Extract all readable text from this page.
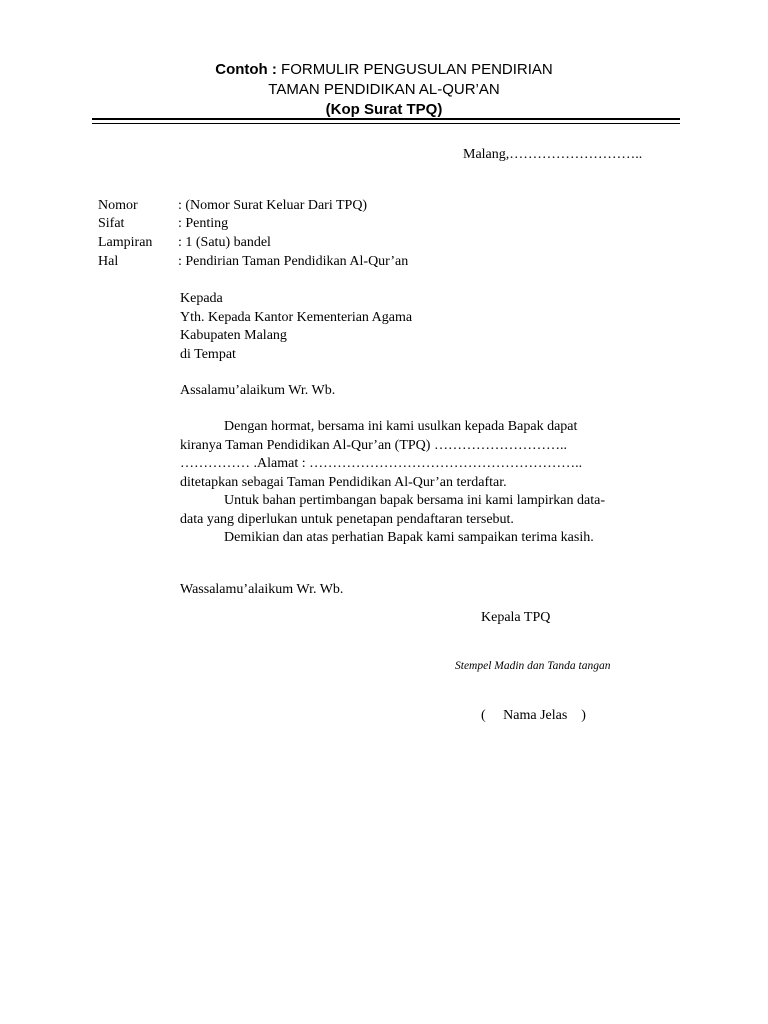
Contoh : FORMULIR PENGUSULAN PENDIRIAN
TAMAN PENDIDIKAN AL-QUR’AN
(Kop Surat TPQ)
Malang,………………………..
Nomor	: (Nomor Surat Keluar Dari TPQ)
Sifat	: Penting
Lampiran : 1 (Satu) bandel
Hal	: Pendirian Taman Pendidikan Al-Qur’an
Kepada
Yth. Kepada Kantor Kementerian Agama
Kabupaten Malang
di Tempat
Assalamu’alaikum Wr. Wb.
Dengan hormat, bersama ini kami usulkan kepada Bapak dapat
kiranya Taman Pendidikan Al-Qur’an (TPQ) ………………………..
…………… .Alamat : …………………………………………………..
ditetapkan sebagai Taman Pendidikan Al-Qur’an terdaftar.
Untuk bahan pertimbangan bapak bersama ini kami lampirkan data-
data yang diperlukan untuk penetapan pendaftaran tersebut.
Demikian dan atas perhatian Bapak kami sampaikan terima kasih.
Wassalamu’alaikum Wr. Wb.
Kepala TPQ
Stempel Madin dan Tanda tangan
(     Nama Jelas    )
